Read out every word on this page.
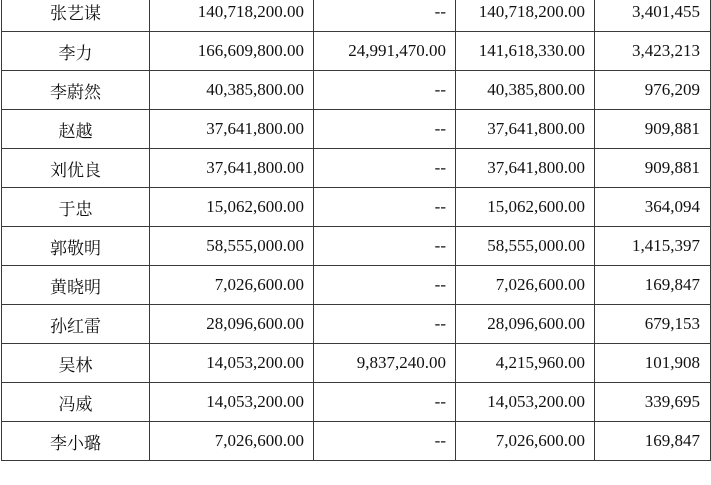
张艺谋	140,718,200.00	--	140,718,200.00	3,401,455
李力	166,609,800.00	24,991,470.00	141,618,330.00	3,423,213
李蔚然	40,385,800.00	--	40,385,800.00	976,209
赵越	37,641,800.00	--	37,641,800.00	909,881
刘优良	37,641,800.00	--	37,641,800.00	909,881
于忠	15,062,600.00	--	15,062,600.00	364,094
郭敬明	58,555,000.00	--	58,555,000.00	1,415,397
黄晓明	7,026,600.00	--	7,026,600.00	169,847
孙红雷	28,096,600.00	--	28,096,600.00	679,153
吴林	14,053,200.00	9,837,240.00	4,215,960.00	101,908
冯威	14,053,200.00	--	14,053,200.00	339,695
李小璐	7,026,600.00	--	7,026,600.00	169,847
